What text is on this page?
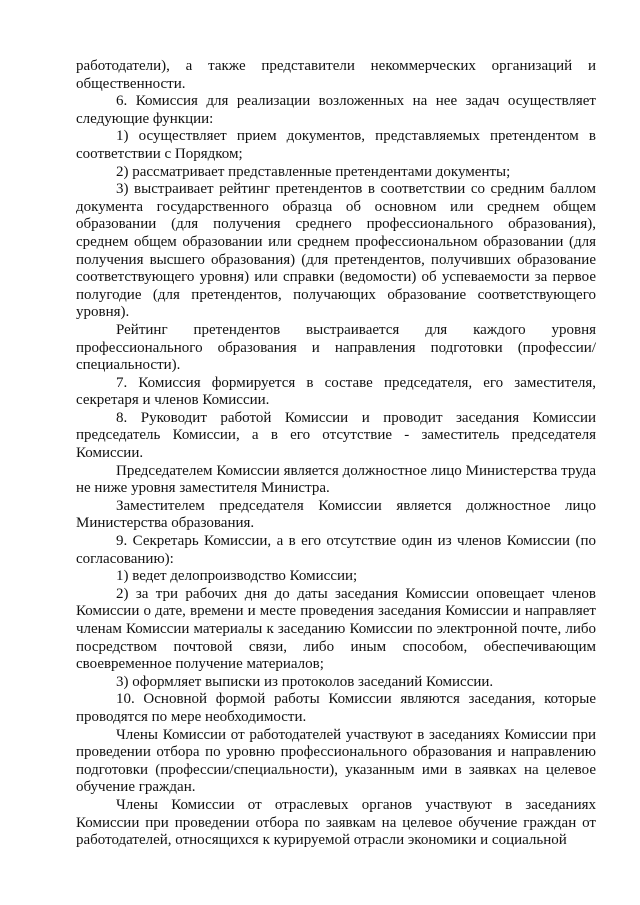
работодатели), а также представители некоммерческих организаций и общественности.

6. Комиссия для реализации возложенных на нее задач осуществляет следующие функции:

1) осуществляет прием документов, представляемых претендентом в соответствии с Порядком;

2) рассматривает представленные претендентами документы;

3) выстраивает рейтинг претендентов в соответствии со средним баллом документа государственного образца об основном или среднем общем образовании (для получения среднего профессионального образования), среднем общем образовании или среднем профессиональном образовании (для получения высшего образования) (для претендентов, получивших образование соответствующего уровня) или справки (ведомости) об успеваемости за первое полугодие (для претендентов, получающих образование соответствующего уровня).

Рейтинг претендентов выстраивается для каждого уровня профессионального образования и направления подготовки (профессии/специальности).

7. Комиссия формируется в составе председателя, его заместителя, секретаря и членов Комиссии.

8. Руководит работой Комиссии и проводит заседания Комиссии председатель Комиссии, а в его отсутствие - заместитель председателя Комиссии.

Председателем Комиссии является должностное лицо Министерства труда не ниже уровня заместителя Министра.

Заместителем председателя Комиссии является должностное лицо Министерства образования.

9. Секретарь Комиссии, а в его отсутствие один из членов Комиссии (по согласованию):

1) ведет делопроизводство Комиссии;

2) за три рабочих дня до даты заседания Комиссии оповещает членов Комиссии о дате, времени и месте проведения заседания Комиссии и направляет членам Комиссии материалы к заседанию Комиссии по электронной почте, либо посредством почтовой связи, либо иным способом, обеспечивающим своевременное получение материалов;

3) оформляет выписки из протоколов заседаний Комиссии.

10. Основной формой работы Комиссии являются заседания, которые проводятся по мере необходимости.

Члены Комиссии от работодателей участвуют в заседаниях Комиссии при проведении отбора по уровню профессионального образования и направлению подготовки (профессии/специальности), указанным ими в заявках на целевое обучение граждан.

Члены Комиссии от отраслевых органов участвуют в заседаниях Комиссии при проведении отбора по заявкам на целевое обучение граждан от работодателей, относящихся к курируемой отрасли экономики и социальной
